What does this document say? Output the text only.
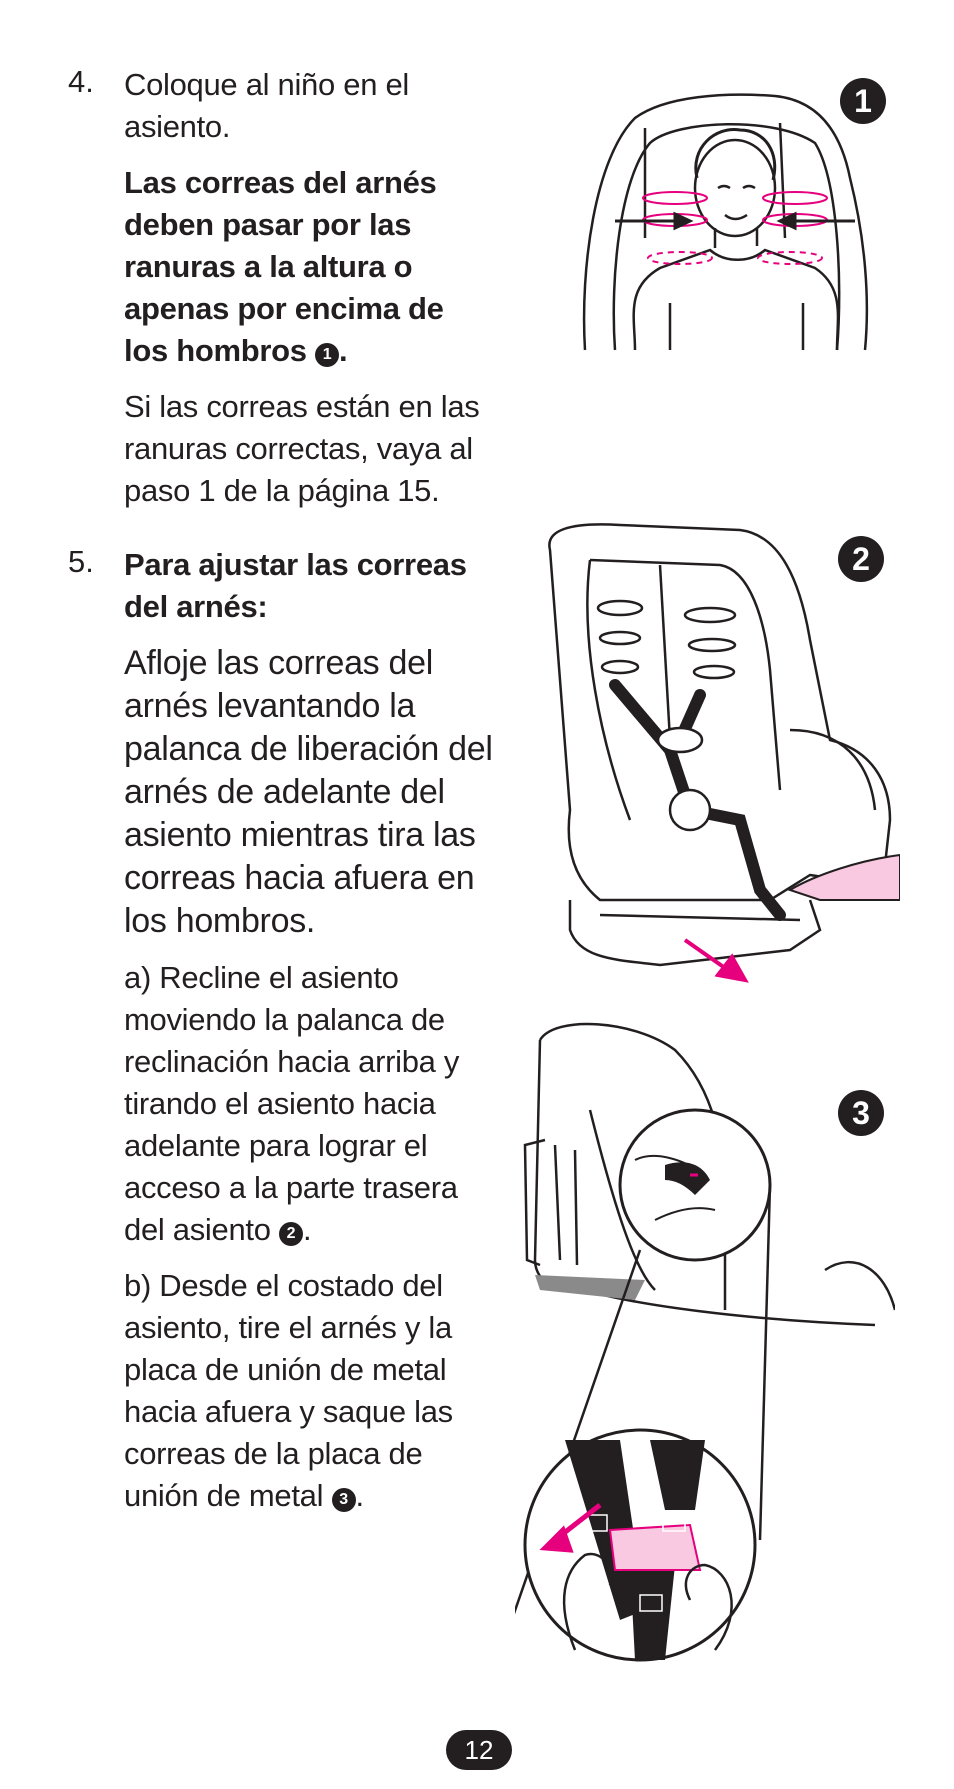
4. Coloque al niño en el asiento.

Las correas del arnés deben pasar por las ranuras a la altura o apenas por encima de los hombros 1 .

Si las correas están en las ranuras correctas, vaya al paso 1 de la página 15.

5. Para ajustar las correas del arnés:

Afloje las correas del arnés levantando la palanca de liberación del arnés de adelante del asiento mientras tira las correas hacia afuera en los hombros.

a) Recline el asiento moviendo la palanca de reclinación hacia arriba y tirando el asiento hacia adelante para lograr el acceso a la parte trasera del asiento 2 .

b) Desde el costado del asiento, tire el arnés y la placa de unión de metal hacia afuera y saque las correas de la placa de unión de metal 3 .

1
2
3
12
